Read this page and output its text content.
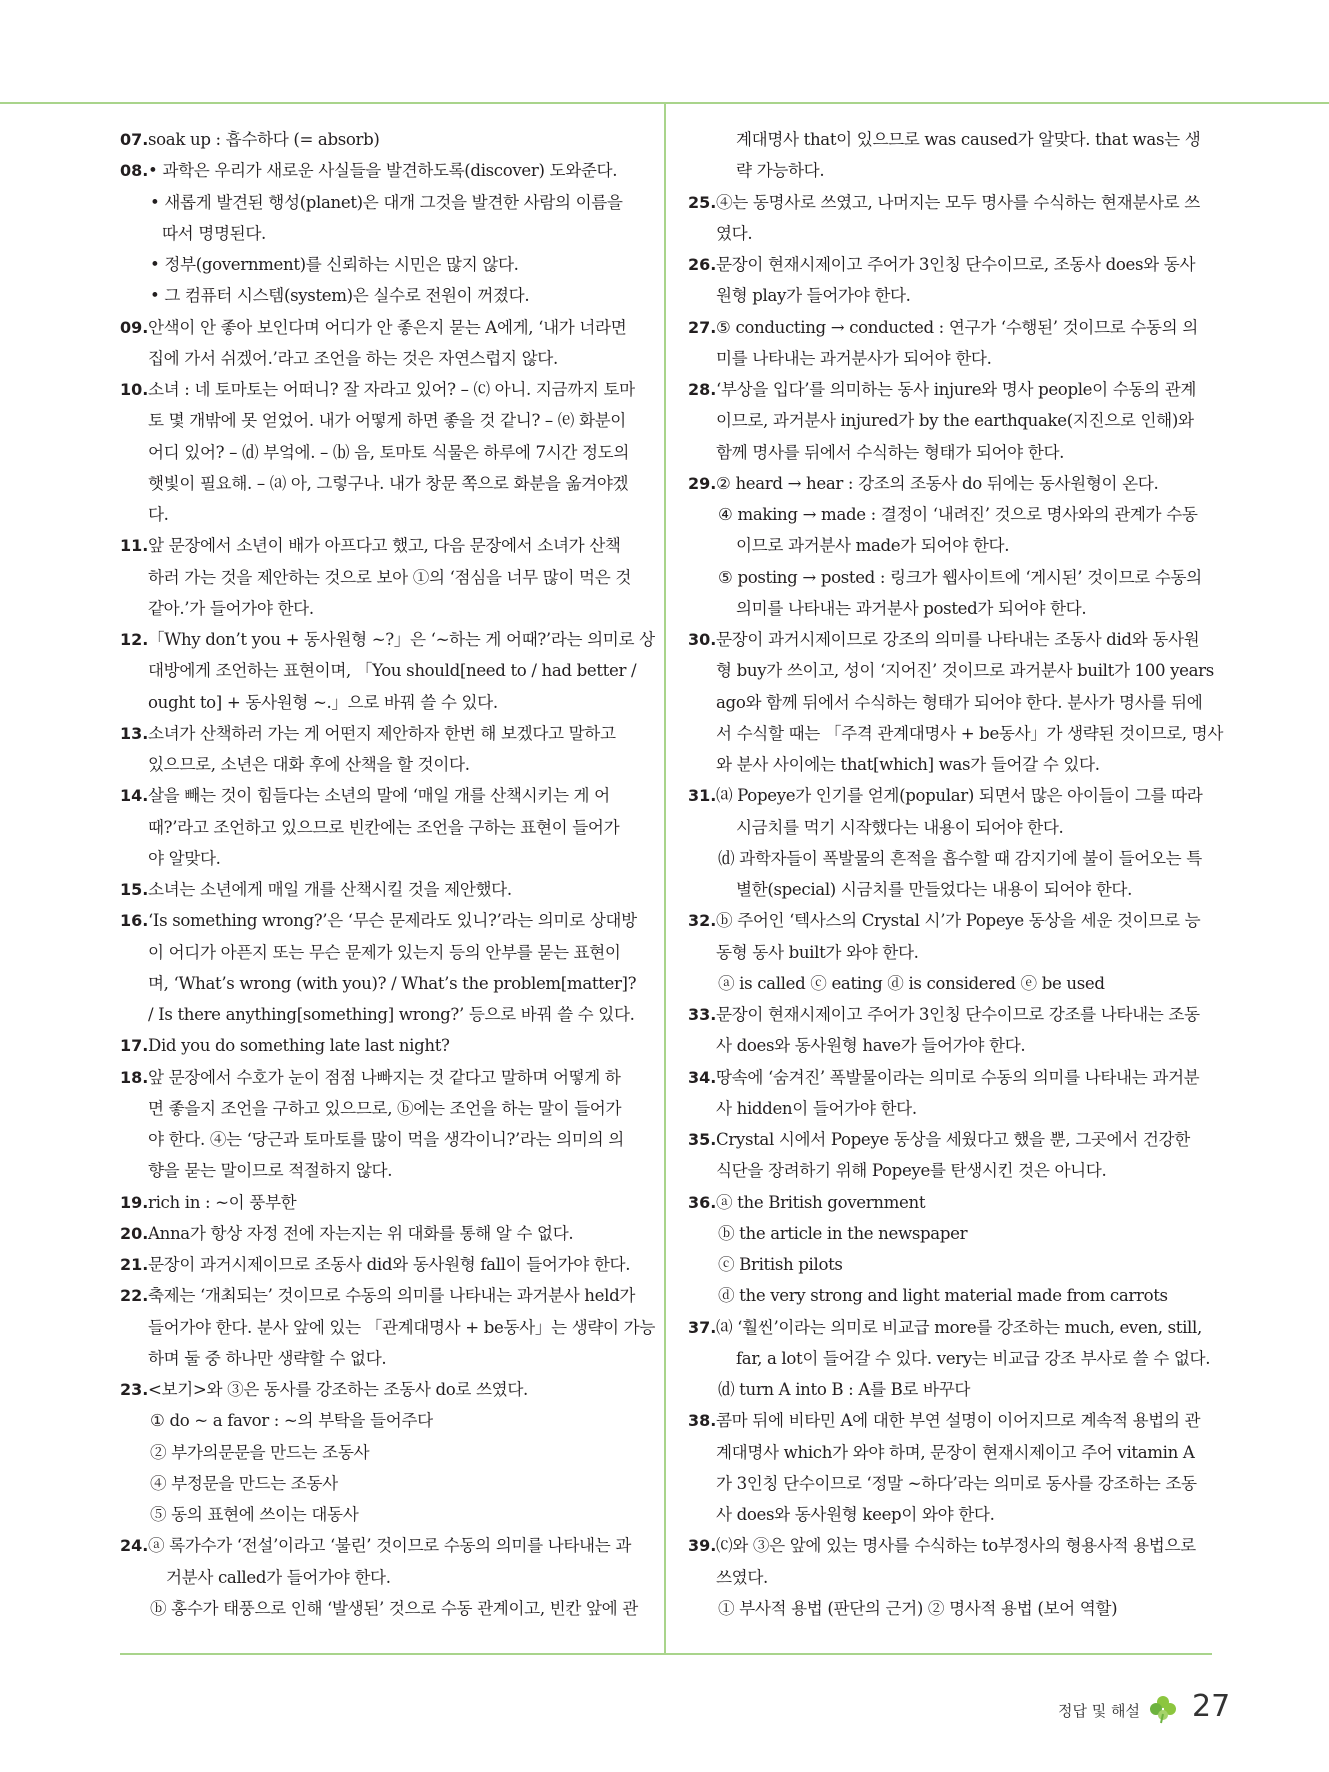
07. soak up : 흡수하다 (= absorb)
08. • 과학은 우리가 새로운 사실들을 발견하도록(discover) 도와준다.
• 새롭게 발견된 행성(planet)은 대개 그것을 발견한 사람의 이름을
따서 명명된다.
• 정부(government)를 신뢰하는 시민은 많지 않다.
• 그 컴퓨터 시스템(system)은 실수로 전원이 꺼졌다.
09. 안색이 안 좋아 보인다며 어디가 안 좋은지 묻는 A에게, ‘내가 너라면
집에 가서 쉬겠어.’라고 조언을 하는 것은 자연스럽지 않다.
10. 소녀 : 네 토마토는 어떠니? 잘 자라고 있어? – ⒞ 아니. 지금까지 토마
토 몇 개밖에 못 얻었어. 내가 어떻게 하면 좋을 것 같니? – ⒠ 화분이
어디 있어? – ⒟ 부엌에. – ⒝ 음, 토마토 식물은 하루에 7시간 정도의
햇빛이 필요해. – ⒜ 아, 그렇구나. 내가 창문 쪽으로 화분을 옮겨야겠
다.
11. 앞 문장에서 소년이 배가 아프다고 했고, 다음 문장에서 소녀가 산책
하러 가는 것을 제안하는 것으로 보아 ①의 ‘점심을 너무 많이 먹은 것
같아.’가 들어가야 한다.
12. 「Why don’t you + 동사원형 ~?」은 ‘~하는 게 어때?’라는 의미로 상
대방에게 조언하는 표현이며, 「You should[need to / had better /
ought to] + 동사원형 ~.」으로 바꿔 쓸 수 있다.
13. 소녀가 산책하러 가는 게 어떤지 제안하자 한번 해 보겠다고 말하고
있으므로, 소년은 대화 후에 산책을 할 것이다.
14. 살을 빼는 것이 힘들다는 소년의 말에 ‘매일 개를 산책시키는 게 어
때?’라고 조언하고 있으므로 빈칸에는 조언을 구하는 표현이 들어가
야 알맞다.
15. 소녀는 소년에게 매일 개를 산책시킬 것을 제안했다.
16. ‘Is something wrong?’은 ‘무슨 문제라도 있니?’라는 의미로 상대방
이 어디가 아픈지 또는 무슨 문제가 있는지 등의 안부를 묻는 표현이
며, ‘What’s wrong (with you)? / What’s the problem[matter]?
/ Is there anything[something] wrong?’ 등으로 바꿔 쓸 수 있다.
17. Did you do something late last night?
18. 앞 문장에서 수호가 눈이 점점 나빠지는 것 같다고 말하며 어떻게 하
면 좋을지 조언을 구하고 있으므로, ⓑ에는 조언을 하는 말이 들어가
야 한다. ④는 ‘당근과 토마토를 많이 먹을 생각이니?’라는 의미의 의
향을 묻는 말이므로 적절하지 않다.
19. rich in : ~이 풍부한
20. Anna가 항상 자정 전에 자는지는 위 대화를 통해 알 수 없다.
21. 문장이 과거시제이므로 조동사 did와 동사원형 fall이 들어가야 한다.
22. 축제는 ‘개최되는’ 것이므로 수동의 의미를 나타내는 과거분사 held가
들어가야 한다. 분사 앞에 있는 「관계대명사 + be동사」는 생략이 가능
하며 둘 중 하나만 생략할 수 없다.
23. <보기>와 ③은 동사를 강조하는 조동사 do로 쓰였다.
① do ~ a favor : ~의 부탁을 들어주다
② 부가의문문을 만드는 조동사
④ 부정문을 만드는 조동사
⑤ 동의 표현에 쓰이는 대동사
24. ⓐ 록가수가 ‘전설’이라고 ‘불린’ 것이므로 수동의 의미를 나타내는 과
거분사 called가 들어가야 한다.
ⓑ 홍수가 태풍으로 인해 ‘발생된’ 것으로 수동 관계이고, 빈칸 앞에 관
계대명사 that이 있으므로 was caused가 알맞다. that was는 생
략 가능하다.
25. ④는 동명사로 쓰였고, 나머지는 모두 명사를 수식하는 현재분사로 쓰
였다.
26. 문장이 현재시제이고 주어가 3인칭 단수이므로, 조동사 does와 동사
원형 play가 들어가야 한다.
27. ⑤ conducting → conducted : 연구가 ‘수행된’ 것이므로 수동의 의
미를 나타내는 과거분사가 되어야 한다.
28. ‘부상을 입다’를 의미하는 동사 injure와 명사 people이 수동의 관계
이므로, 과거분사 injured가 by the earthquake(지진으로 인해)와
함께 명사를 뒤에서 수식하는 형태가 되어야 한다.
29. ② heard → hear : 강조의 조동사 do 뒤에는 동사원형이 온다.
④ making → made : 결정이 ‘내려진’ 것으로 명사와의 관계가 수동
이므로 과거분사 made가 되어야 한다.
⑤ posting → posted : 링크가 웹사이트에 ‘게시된’ 것이므로 수동의
의미를 나타내는 과거분사 posted가 되어야 한다.
30. 문장이 과거시제이므로 강조의 의미를 나타내는 조동사 did와 동사원
형 buy가 쓰이고, 성이 ‘지어진’ 것이므로 과거분사 built가 100 years
ago와 함께 뒤에서 수식하는 형태가 되어야 한다. 분사가 명사를 뒤에
서 수식할 때는 「주격 관계대명사 + be동사」가 생략된 것이므로, 명사
와 분사 사이에는 that[which] was가 들어갈 수 있다.
31. ⒜ Popeye가 인기를 얻게(popular) 되면서 많은 아이들이 그를 따라
시금치를 먹기 시작했다는 내용이 되어야 한다.
⒟ 과학자들이 폭발물의 흔적을 흡수할 때 감지기에 불이 들어오는 특
별한(special) 시금치를 만들었다는 내용이 되어야 한다.
32. ⓑ 주어인 ‘텍사스의 Crystal 시’가 Popeye 동상을 세운 것이므로 능
동형 동사 built가 와야 한다.
ⓐ is called ⓒ eating ⓓ is considered ⓔ be used
33. 문장이 현재시제이고 주어가 3인칭 단수이므로 강조를 나타내는 조동
사 does와 동사원형 have가 들어가야 한다.
34. 땅속에 ‘숨겨진’ 폭발물이라는 의미로 수동의 의미를 나타내는 과거분
사 hidden이 들어가야 한다.
35. Crystal 시에서 Popeye 동상을 세웠다고 했을 뿐, 그곳에서 건강한
식단을 장려하기 위해 Popeye를 탄생시킨 것은 아니다.
36. ⓐ the British government
ⓑ the article in the newspaper
ⓒ British pilots
ⓓ the very strong and light material made from carrots
37. ⒜ ‘훨씬’이라는 의미로 비교급 more를 강조하는 much, even, still,
far, a lot이 들어갈 수 있다. very는 비교급 강조 부사로 쓸 수 없다.
⒟ turn A into B : A를 B로 바꾸다
38. 콤마 뒤에 비타민 A에 대한 부연 설명이 이어지므로 계속적 용법의 관
계대명사 which가 와야 하며, 문장이 현재시제이고 주어 vitamin A
가 3인칭 단수이므로 ‘정말 ~하다’라는 의미로 동사를 강조하는 조동
사 does와 동사원형 keep이 와야 한다.
39. ⒞와 ③은 앞에 있는 명사를 수식하는 to부정사의 형용사적 용법으로
쓰였다.
① 부사적 용법 (판단의 근거) ② 명사적 용법 (보어 역할)
정답 및 해설 27
